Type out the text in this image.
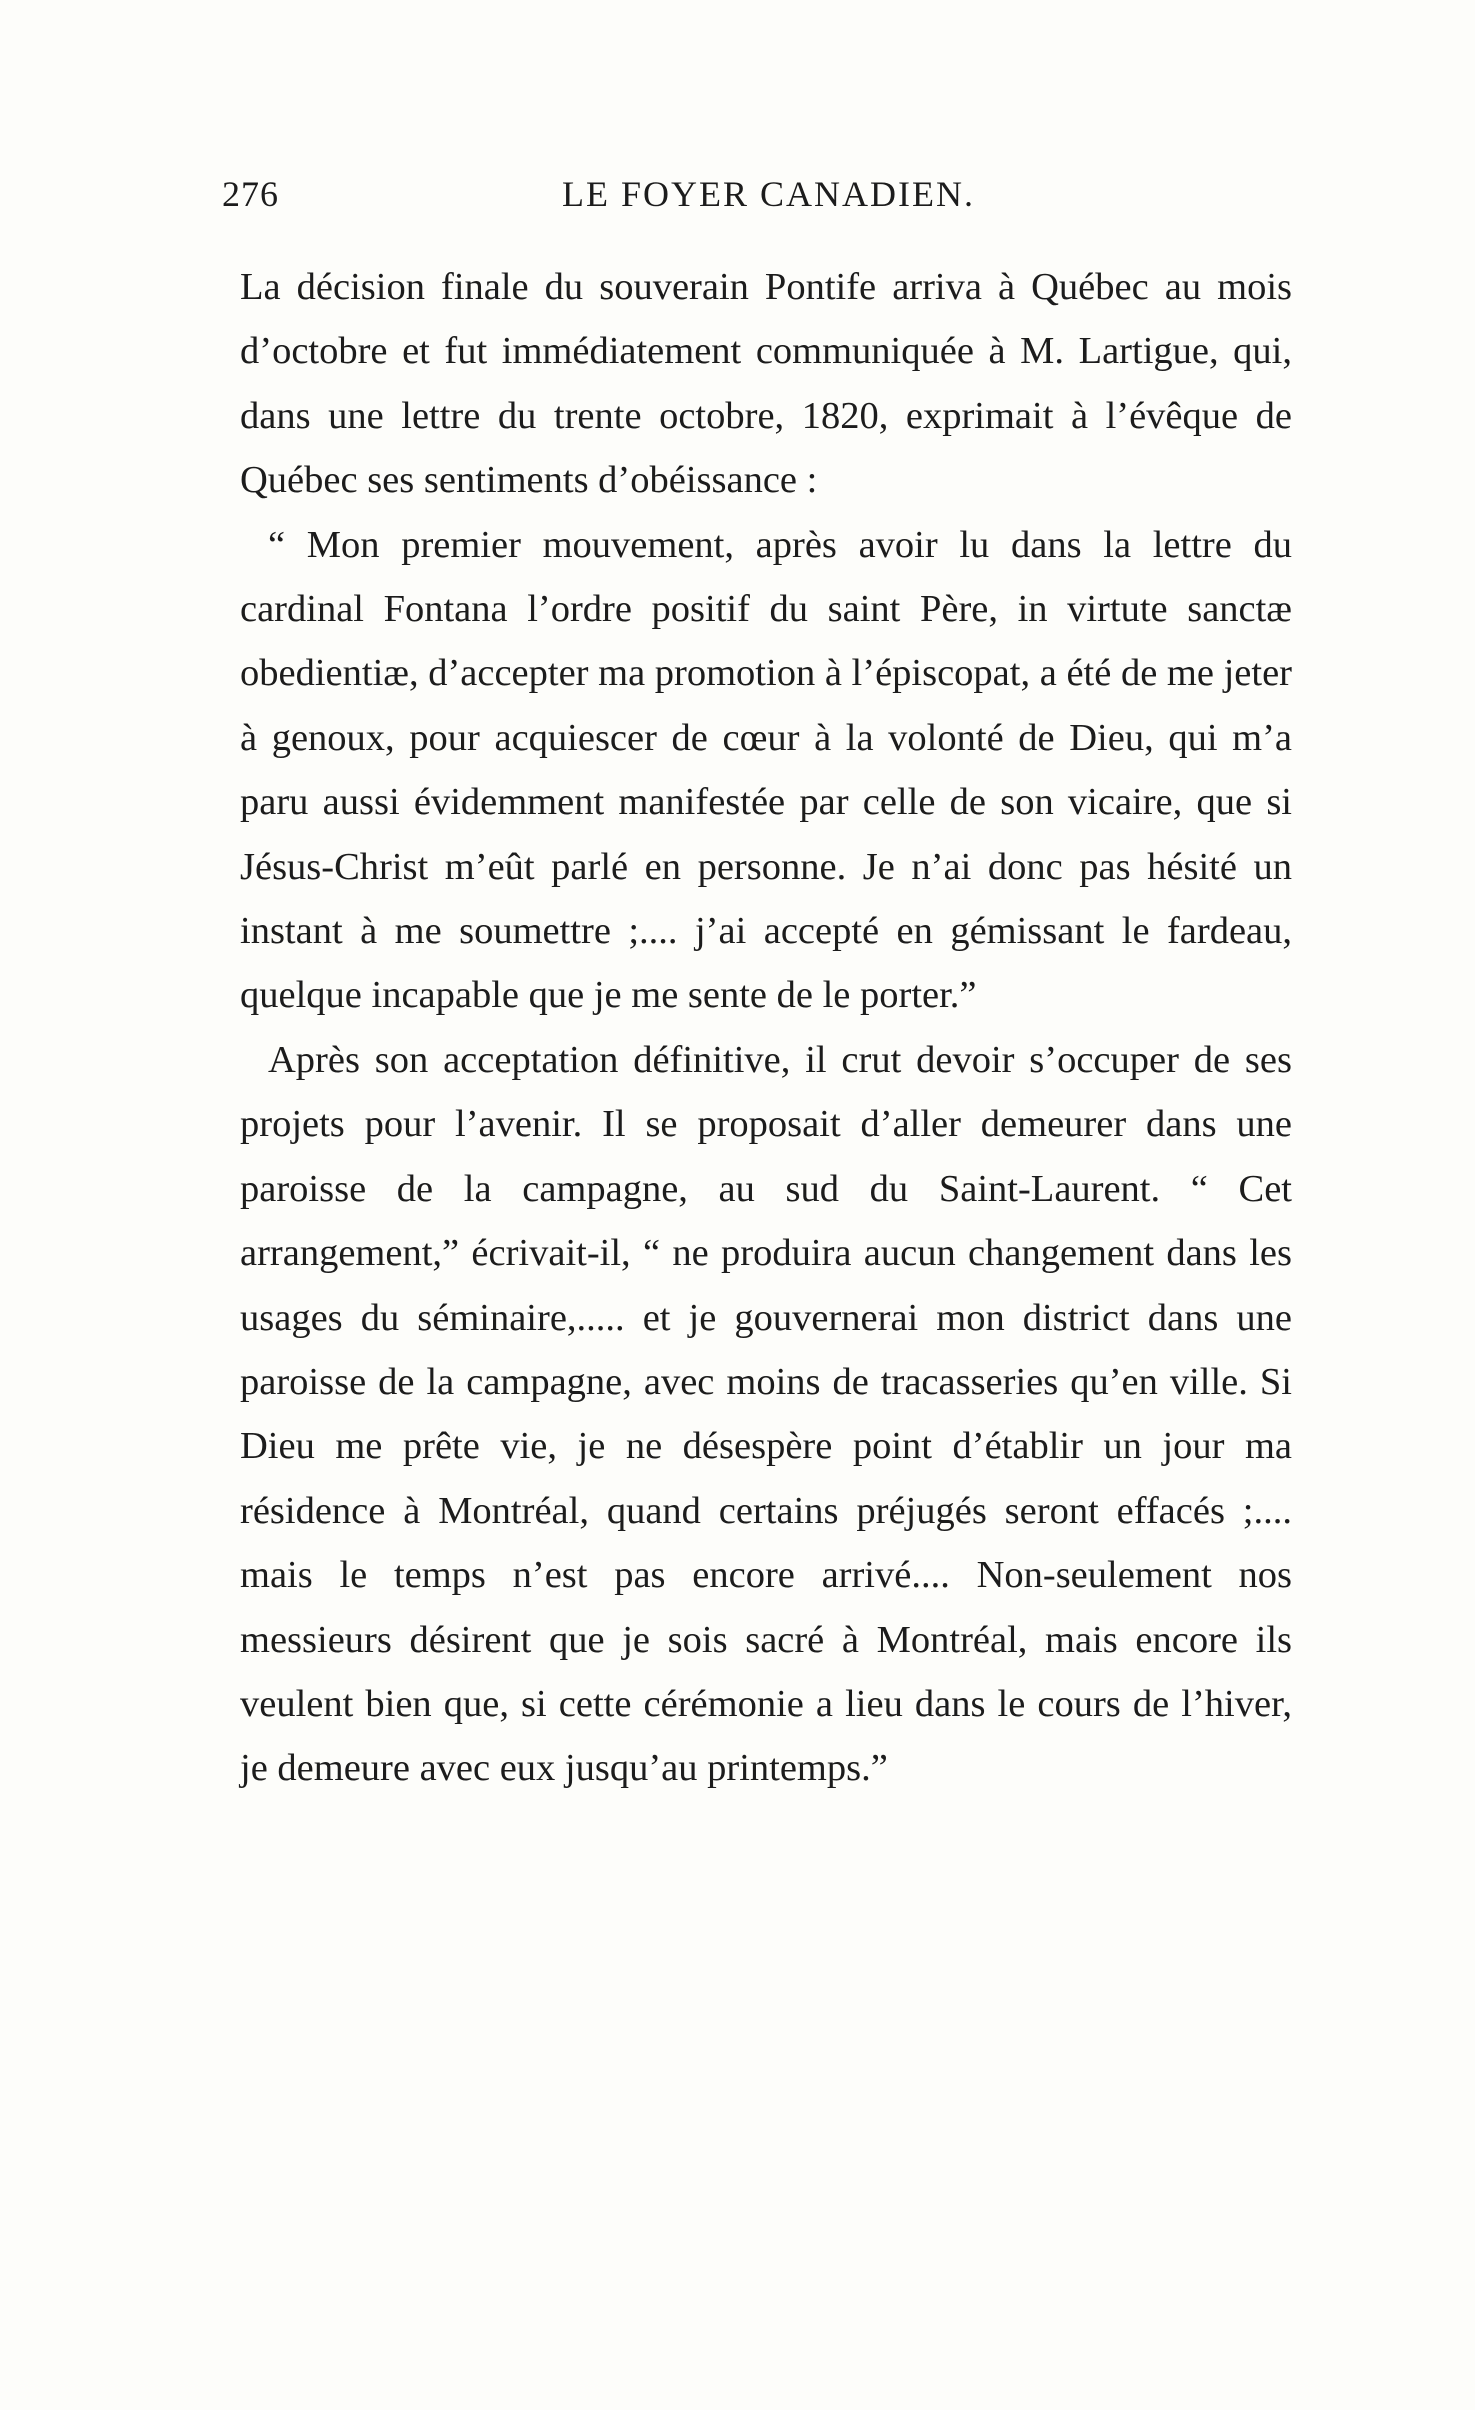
276	LE FOYER CANADIEN.

La décision finale du souverain Pontife arriva à Québec au mois d’octobre et fut immédiatement communiquée à M. Lartigue, qui, dans une lettre du trente octobre, 1820, exprimait à l’évêque de Québec ses sentiments d’obéissance :

“ Mon premier mouvement, après avoir lu dans la lettre du cardinal Fontana l’ordre positif du saint Père, in virtute sanctæ obedientiæ, d’accepter ma promotion à l’épiscopat, a été de me jeter à genoux, pour acquiescer de cœur à la volonté de Dieu, qui m’a paru aussi évidemment manifestée par celle de son vicaire, que si Jésus-Christ m’eût parlé en personne. Je n’ai donc pas hésité un instant à me soumettre ;.... j’ai accepté en gémissant le fardeau, quelque incapable que je me sente de le porter.”

Après son acceptation définitive, il crut devoir s’occuper de ses projets pour l’avenir. Il se proposait d’aller demeurer dans une paroisse de la campagne, au sud du Saint-Laurent. “ Cet arrangement,” écrivait-il, “ ne produira aucun changement dans les usages du séminaire,..... et je gouvernerai mon district dans une paroisse de la campagne, avec moins de tracasseries qu’en ville. Si Dieu me prête vie, je ne désespère point d’établir un jour ma résidence à Montréal, quand certains préjugés seront effacés ;.... mais le temps n’est pas encore arrivé.... Non-seulement nos messieurs désirent que je sois sacré à Montréal, mais encore ils veulent bien que, si cette cérémonie a lieu dans le cours de l’hiver, je demeure avec eux jusqu’au printemps.”
